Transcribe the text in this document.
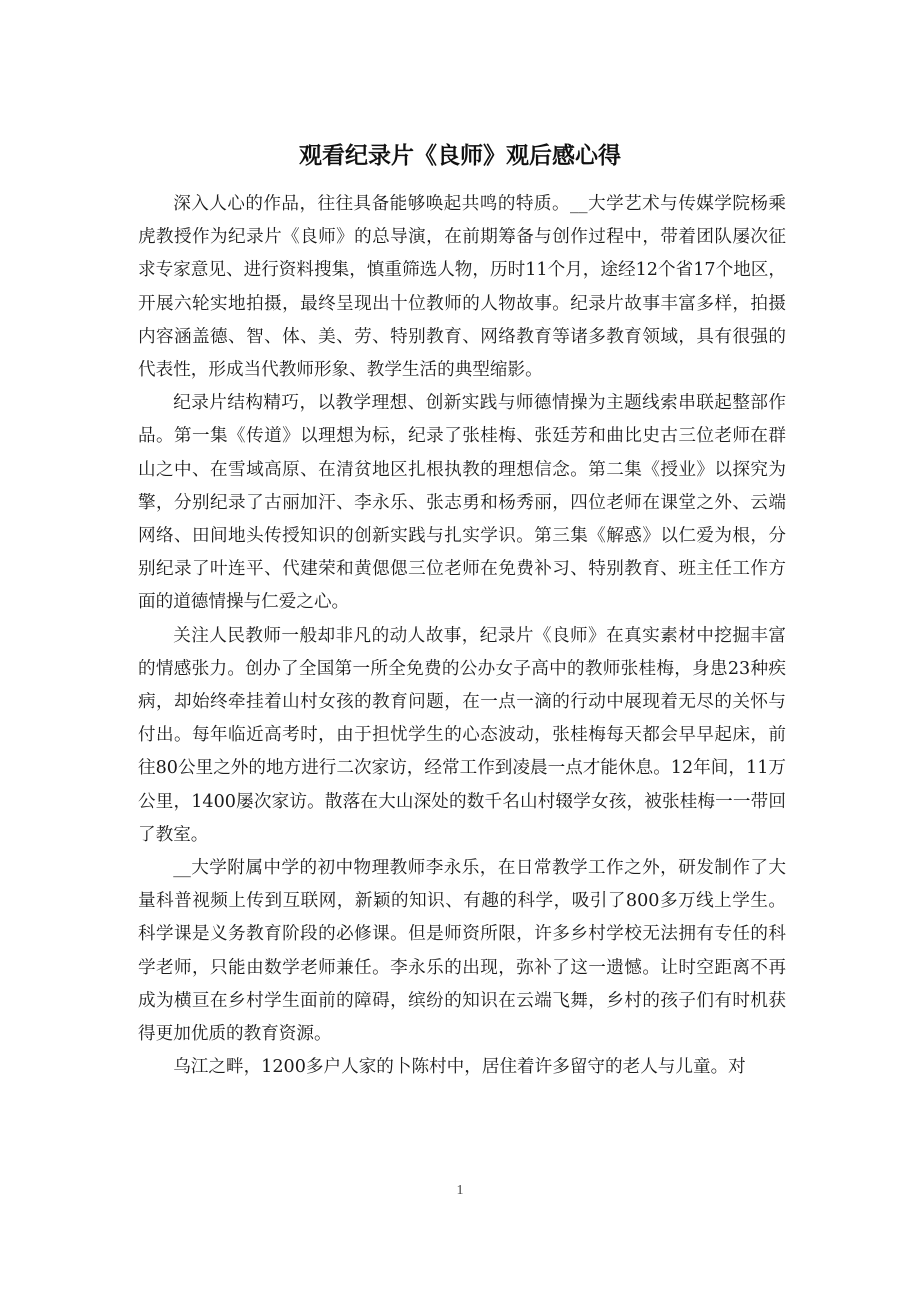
观看纪录片《良师》观后感心得

深入人心的作品，往往具备能够唤起共鸣的特质。__大学艺术与传媒学院杨乘虎教授作为纪录片《良师》的总导演，在前期筹备与创作过程中，带着团队屡次征求专家意见、进行资料搜集，慎重筛选人物，历时11个月，途经12个省17个地区，开展六轮实地拍摄，最终呈现出十位教师的人物故事。纪录片故事丰富多样，拍摄内容涵盖德、智、体、美、劳、特别教育、网络教育等诸多教育领域，具有很强的代表性，形成当代教师形象、教学生活的典型缩影。

纪录片结构精巧，以教学理想、创新实践与师德情操为主题线索串联起整部作品。第一集《传道》以理想为标，纪录了张桂梅、张廷芳和曲比史古三位老师在群山之中、在雪域高原、在清贫地区扎根执教的理想信念。第二集《授业》以探究为擎，分别纪录了古丽加汗、李永乐、张志勇和杨秀丽，四位老师在课堂之外、云端网络、田间地头传授知识的创新实践与扎实学识。第三集《解惑》以仁爱为根，分别纪录了叶连平、代建荣和黄偲偲三位老师在免费补习、特别教育、班主任工作方面的道德情操与仁爱之心。

关注人民教师一般却非凡的动人故事，纪录片《良师》在真实素材中挖掘丰富的情感张力。创办了全国第一所全免费的公办女子高中的教师张桂梅，身患23种疾病，却始终牵挂着山村女孩的教育问题，在一点一滴的行动中展现着无尽的关怀与付出。每年临近高考时，由于担忧学生的心态波动，张桂梅每天都会早早起床，前往80公里之外的地方进行二次家访，经常工作到凌晨一点才能休息。12年间，11万公里，1400屡次家访。散落在大山深处的数千名山村辍学女孩，被张桂梅一一带回了教室。

__大学附属中学的初中物理教师李永乐，在日常教学工作之外，研发制作了大量科普视频上传到互联网，新颖的知识、有趣的科学，吸引了800多万线上学生。科学课是义务教育阶段的必修课。但是师资所限，许多乡村学校无法拥有专任的科学老师，只能由数学老师兼任。李永乐的出现，弥补了这一遗憾。让时空距离不再成为横亘在乡村学生面前的障碍，缤纷的知识在云端飞舞，乡村的孩子们有时机获得更加优质的教育资源。

乌江之畔，1200多户人家的卜陈村中，居住着许多留守的老人与儿童。对

1
